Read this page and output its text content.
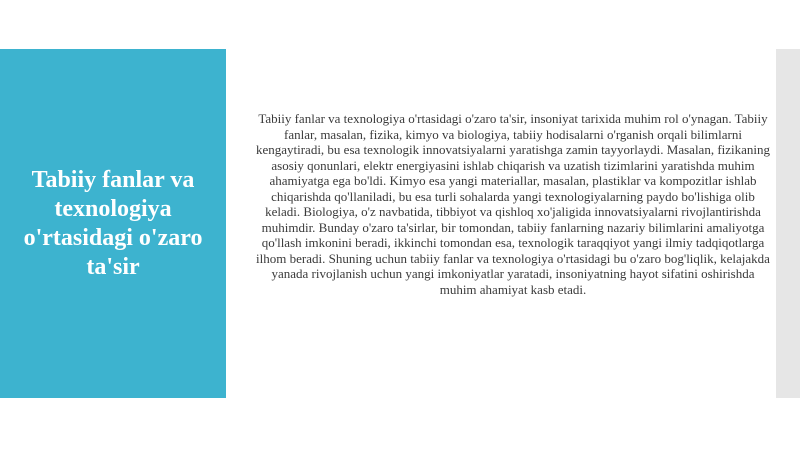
Tabiiy fanlar va texnologiya o'rtasidagi o'zaro ta'sir

Tabiiy fanlar va texnologiya o'rtasidagi o'zaro ta'sir, insoniyat tarixida muhim rol o'ynagan. Tabiiy fanlar, masalan, fizika, kimyo va biologiya, tabiiy hodisalarni o'rganish orqali bilimlarni kengaytiradi, bu esa texnologik innovatsiyalarni yaratishga zamin tayyorlaydi. Masalan, fizikaning asosiy qonunlari, elektr energiyasini ishlab chiqarish va uzatish tizimlarini yaratishda muhim ahamiyatga ega bo'ldi. Kimyo esa yangi materiallar, masalan, plastiklar va kompozitlar ishlab chiqarishda qo'llaniladi, bu esa turli sohalarda yangi texnologiyalarning paydo bo'lishiga olib keladi. Biologiya, o'z navbatida, tibbiyot va qishloq xo'jaligida innovatsiyalarni rivojlantirishda muhimdir. Bunday o'zaro ta'sirlar, bir tomondan, tabiiy fanlarning nazariy bilimlarini amaliyotga qo'llash imkonini beradi, ikkinchi tomondan esa, texnologik taraqqiyot yangi ilmiy tadqiqotlarga ilhom beradi. Shuning uchun tabiiy fanlar va texnologiya o'rtasidagi bu o'zaro bog'liqlik, kelajakda yanada rivojlanish uchun yangi imkoniyatlar yaratadi, insoniyatning hayot sifatini oshirishda muhim ahamiyat kasb etadi.
